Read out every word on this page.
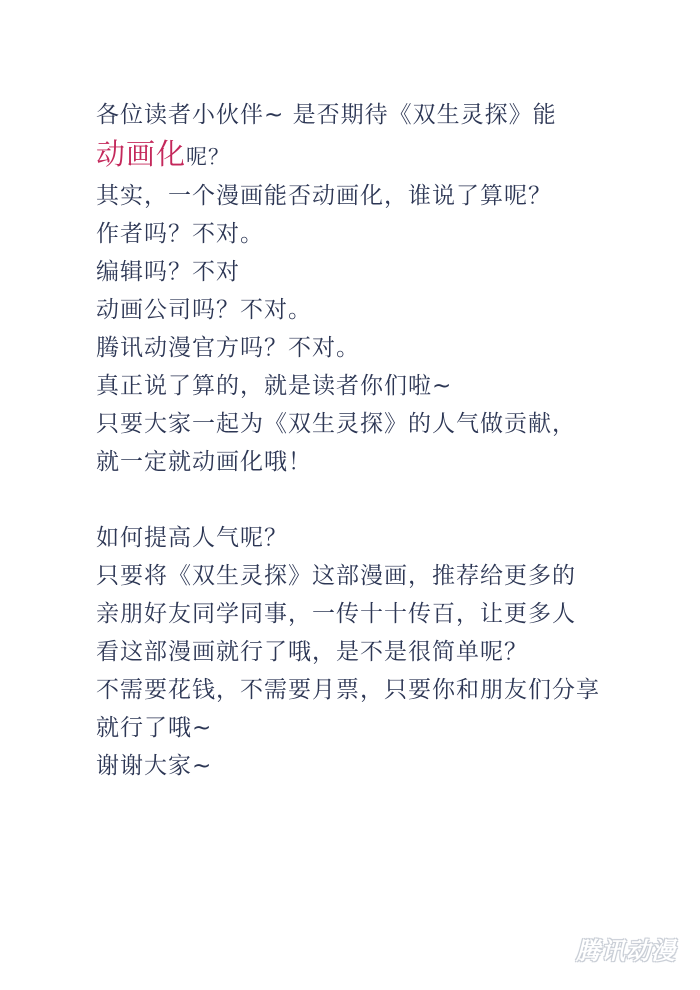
各位读者小伙伴~ 是否期待《双生灵探》能
动画化呢？
其实，一个漫画能否动画化，谁说了算呢？
作者吗？不对。
编辑吗？不对
动画公司吗？不对。
腾讯动漫官方吗？不对。
真正说了算的，就是读者你们啦~
只要大家一起为《双生灵探》的人气做贡献，
就一定就动画化哦！
如何提高人气呢？
只要将《双生灵探》这部漫画，推荐给更多的
亲朋好友同学同事，一传十十传百，让更多人
看这部漫画就行了哦，是不是很简单呢？
不需要花钱，不需要月票，只要你和朋友们分享
就行了哦~
谢谢大家~
腾讯动漫
